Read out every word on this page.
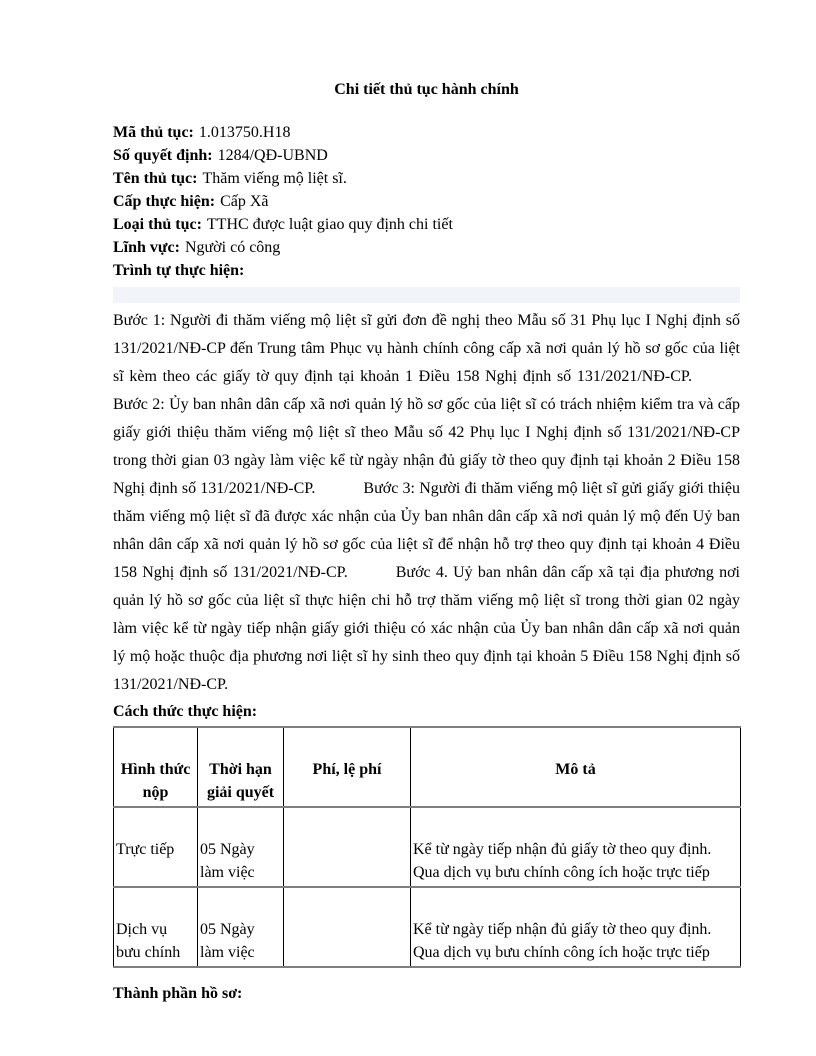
Chi tiết thủ tục hành chính
Mã thủ tục: 1.013750.H18
Số quyết định: 1284/QĐ-UBND
Tên thủ tục: Thăm viếng mộ liệt sĩ.
Cấp thực hiện: Cấp Xã
Loại thủ tục: TTHC được luật giao quy định chi tiết
Lĩnh vực: Người có công
Trình tự thực hiện:

Bước 1: Người đi thăm viếng mộ liệt sĩ gửi đơn đề nghị theo Mẫu số 31 Phụ lục I Nghị định số 131/2021/NĐ-CP đến Trung tâm Phục vụ hành chính công cấp xã nơi quản lý hồ sơ gốc của liệt sĩ kèm theo các giấy tờ quy định tại khoản 1 Điều 158 Nghị định số 131/2021/NĐ-CP.   Bước 2: Ủy ban nhân dân cấp xã nơi quản lý hồ sơ gốc của liệt sĩ có trách nhiệm kiểm tra và cấp giấy giới thiệu thăm viếng mộ liệt sĩ theo Mẫu số 42 Phụ lục I Nghị định số 131/2021/NĐ-CP trong thời gian 03 ngày làm việc kể từ ngày nhận đủ giấy tờ theo quy định tại khoản 2 Điều 158 Nghị định số 131/2021/NĐ-CP.   Bước 3: Người đi thăm viếng mộ liệt sĩ gửi giấy giới thiệu thăm viếng mộ liệt sĩ đã được xác nhận của Ủy ban nhân dân cấp xã nơi quản lý mộ đến Uỷ ban nhân dân cấp xã nơi quản lý hồ sơ gốc của liệt sĩ để nhận hỗ trợ theo quy định tại khoản 4 Điều 158 Nghị định số 131/2021/NĐ-CP.   Bước 4. Uỷ ban nhân dân cấp xã tại địa phương nơi quản lý hồ sơ gốc của liệt sĩ thực hiện chi hỗ trợ thăm viếng mộ liệt sĩ trong thời gian 02 ngày làm việc kể từ ngày tiếp nhận giấy giới thiệu có xác nhận của Ủy ban nhân dân cấp xã nơi quản lý mộ hoặc thuộc địa phương nơi liệt sĩ hy sinh theo quy định tại khoản 5 Điều 158 Nghị định số 131/2021/NĐ-CP.

Cách thức thực hiện:
Hình thức nộp	Thời hạn giải quyết	Phí, lệ phí	Mô tả
Trực tiếp	05 Ngày làm việc		Kể từ ngày tiếp nhận đủ giấy tờ theo quy định. Qua dịch vụ bưu chính công ích hoặc trực tiếp
Dịch vụ bưu chính	05 Ngày làm việc		Kể từ ngày tiếp nhận đủ giấy tờ theo quy định. Qua dịch vụ bưu chính công ích hoặc trực tiếp
Thành phần hồ sơ:
